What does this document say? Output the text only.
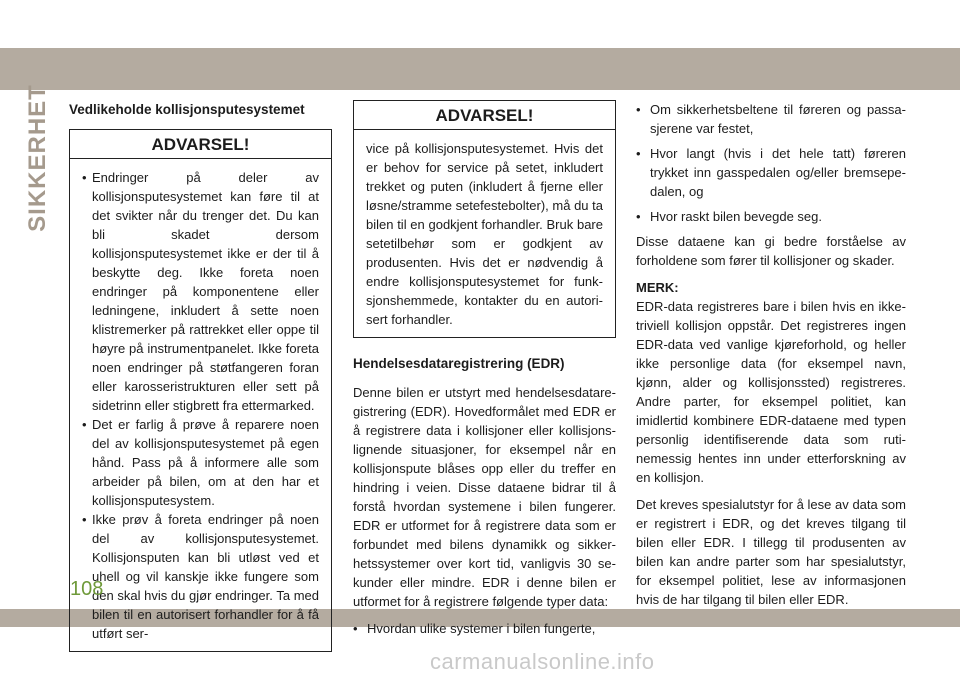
SIKKERHET Vedlikeholde kollisjonsputesystemet
ADVARSEL!
• Endringer på deler av kollisjonsputesystemet kan føre til at det svikter når du trenger det. Du kan bli skadet dersom kollisjonsputesystemet ikke er der til å beskytte deg. Ikke foreta noen endringer på komponentene eller ledningene, inkludert å sette noen klistremerker på rattrekket eller oppe til høyre på instrumentpanelet. Ikke foreta noen endringer på støtfangeren foran eller karosseristrukturen eller sett på sidetrinn eller stigbrett fra ettermarked.
• Det er farlig å prøve å reparere noen del av kollisjonsputesystemet på egen hånd. Pass på å informere alle som arbeider på bilen, om at den har et kollisjonsputesystem.
• Ikke prøv å foreta endringer på noen del av kollisjonsputesystemet. Kollisjonsputen kan bli utløst ved et uhell og vil kanskje ikke fungere som den skal hvis du gjør endringer. Ta med bilen til en autorisert forhandler for å få utført ser-
ADVARSEL!
vice på kollisjonsputesystemet. Hvis det er behov for service på setet, inkludert trekket og puten (inkludert å fjerne eller løsne/stramme setefestebolter), må du ta bilen til en godkjent forhandler. Bruk bare setetilbehør som er godkjent av produsenten. Hvis det er nødvendig å endre kollisjonsputesystemet for funksjonshemmede, kontakter du en autorisert forhandler.
Hendelsesdataregistrering (EDR)
Denne bilen er utstyrt med hendelsesdataregistrering (EDR). Hovedformålet med EDR er å registrere data i kollisjoner eller kollisjonslignende situasjoner, for eksempel når en kollisjonspute blåses opp eller du treffer en hindring i veien. Disse dataene bidrar til å forstå hvordan systemene i bilen fungerer. EDR er utformet for å registrere data som er forbundet med bilens dynamikk og sikkerhetssystemer over kort tid, vanligvis 30 sekunder eller mindre. EDR i denne bilen er utformet for å registrere følgende typer data:
• Hvordan ulike systemer i bilen fungerte,
• Om sikkerhetsbeltene til føreren og passasjerene var festet,
• Hvor langt (hvis i det hele tatt) føreren trykket inn gasspedalen og/eller bremsepedalen, og
• Hvor raskt bilen bevegde seg.
Disse dataene kan gi bedre forståelse av forholdene som fører til kollisjoner og skader.
MERK:
EDR-data registreres bare i bilen hvis en ikke-triviell kollisjon oppstår. Det registreres ingen EDR-data ved vanlige kjøreforhold, og heller ikke personlige data (for eksempel navn, kjønn, alder og kollisjonssted) registreres. Andre parter, for eksempel politiet, kan imidlertid kombinere EDR-dataene med typen personlig identifiserende data som rutinemessig hentes inn under etterforskning av en kollisjon.
Det kreves spesialutstyr for å lese av data som er registrert i EDR, og det kreves tilgang til bilen eller EDR. I tillegg til produsenten av bilen kan andre parter som har spesialutstyr, for eksempel politiet, lese av informasjonen hvis de har tilgang til bilen eller EDR.
108
carmanualsonline.info
